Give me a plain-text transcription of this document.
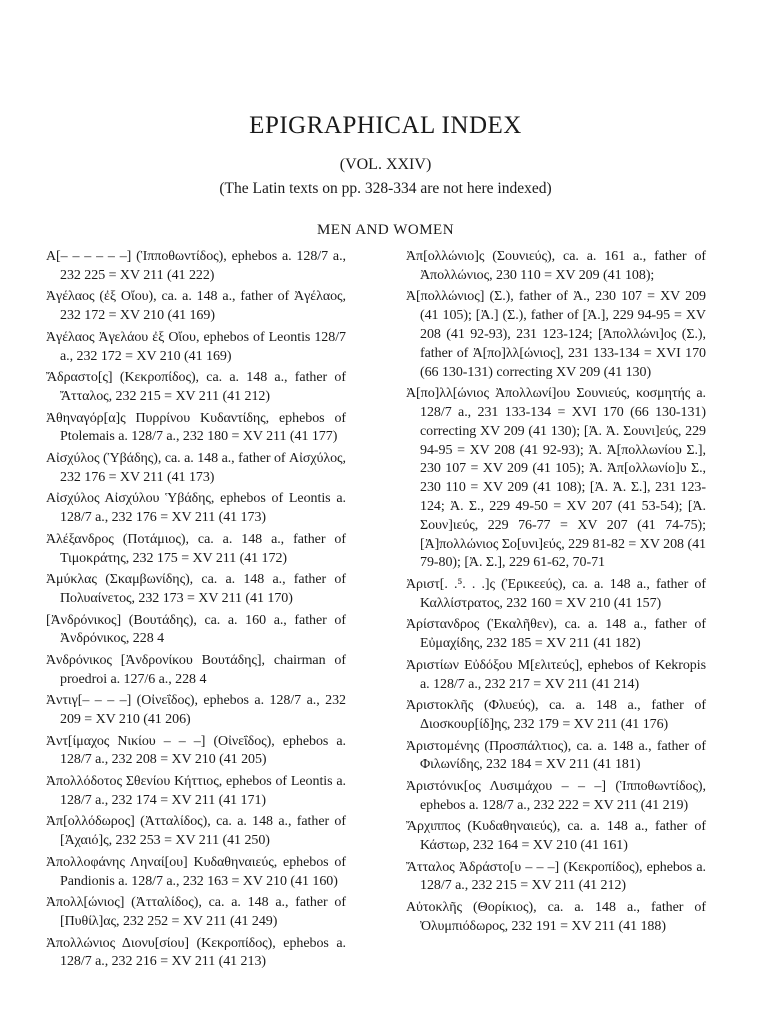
EPIGRAPHICAL INDEX
(VOL. XXIV)
(The Latin texts on pp. 328-334 are not here indexed)
MEN AND WOMEN

Α[‒ ‒ ‒ ‒ ‒ ‒] (Ἱπποθωντίδος), ephebos a. 128/7 a., 232 225 = XV 211 (41 222)

Ἀγέλαος (ἐξ Οἴου), ca. a. 148 a., father of Ἀγέλαος, 232 172 = XV 210 (41 169)

Ἀγέλαος Ἀγελάου ἐξ Οἴου, ephebos of Leontis 128/7 a., 232 172 = XV 210 (41 169)

Ἄδραστο[ς] (Κεκροπίδος), ca. a. 148 a., father of Ἄτταλος, 232 215 = XV 211 (41 212)

Ἀθηναγόρ[α]ς Πυρρίνου Κυδαντίδης, ephebos of Ptolemais a. 128/7 a., 232 180 = XV 211 (41 177)

Αἰσχύλος (Ὑβάδης), ca. a. 148 a., father of Αἰσχύλος, 232 176 = XV 211 (41 173)

Αἰσχύλος Αἰσχύλου Ὑβάδης, ephebos of Leontis a. 128/7 a., 232 176 = XV 211 (41 173)

Ἀλέξανδρος (Ποτάμιος), ca. a. 148 a., father of Τιμοκράτης, 232 175 = XV 211 (41 172)

Ἀμύκλας (Σκαμβωνίδης), ca. a. 148 a., father of Πολυαίνετος, 232 173 = XV 211 (41 170)

[Ἀνδρόνικος] (Βουτάδης), ca. a. 160 a., father of Ἀνδρόνικος, 228 4

Ἀνδρόνικος [Ἀνδρονίκου Βουτάδης], chairman of proedroi a. 127/6 a., 228 4

Ἀντιγ[‒ ‒ ‒ ‒] (Οἰνεΐδος), ephebos a. 128/7 a., 232 209 = XV 210 (41 206)

Ἀντ[ίμαχος Νικίου ‒ ‒ ‒] (Οἰνεΐδος), ephebos a. 128/7 a., 232 208 = XV 210 (41 205)

Ἀπολλόδοτος Σθενίου Κήττιος, ephebos of Leontis a. 128/7 a., 232 174 = XV 211 (41 171)

Ἀπ[ολλόδωρος] (Ἀτταλίδος), ca. a. 148 a., father of [Ἀχαιό]ς, 232 253 = XV 211 (41 250)

Ἀπολλοφάνης Ληναί[ου] Κυδαθηναιεύς, ephebos of Pandionis a. 128/7 a., 232 163 = XV 210 (41 160)

Ἀπολλ[ώνιος] (Ἀτταλίδος), ca. a. 148 a., father of [Πυθίλ]ας, 232 252 = XV 211 (41 249)

Ἀπολλώνιος Διονυ[σίου] (Κεκροπίδος), ephebos a. 128/7 a., 232 216 = XV 211 (41 213)

Ἀπ[ολλώνιο]ς (Σουνιεύς), ca. a. 161 a., father of Ἀπολλώνιος, 230 110 = XV 209 (41 108);

Ἀ[πολλώνιος] (Σ.), father of Ἀ., 230 107 = XV 209 (41 105); [Ἀ.] (Σ.), father of [Ἀ.], 229 94-95 = XV 208 (41 92-93), 231 123-124; [Ἀπολλώνι]ος (Σ.), father of Ἀ[πο]λλ[ώνιος], 231 133-134 = XVI 170 (66 130-131) correcting XV 209 (41 130)

Ἀ[πο]λλ[ώνιος Ἀπολλωνί]ου Σουνιεύς, κοσμητής a. 128/7 a., 231 133-134 = XVI 170 (66 130-131) correcting XV 209 (41 130); [Ἀ. Ἀ. Σουνι]εύς, 229 94-95 = XV 208 (41 92-93); Ἀ. Ἀ[πολλωνίου Σ.], 230 107 = XV 209 (41 105); Ἀ. Ἀπ[ολλωνίο]υ Σ., 230 110 = XV 209 (41 108); [Ἀ. Ἀ. Σ.], 231 123-124; Ἀ. Σ., 229 49-50 = XV 207 (41 53-54); [Ἀ. Σουν]ιεύς, 229 76-77 = XV 207 (41 74-75); [Ἀ]πολλώνιος Σο[υνι]εύς, 229 81-82 = XV 208 (41 79-80); [Ἀ. Σ.], 229 61-62, 70-71

Ἀριστ[. .⁵. . .]ς (Ἐρικεεύς), ca. a. 148 a., father of Καλλίστρατος, 232 160 = XV 210 (41 157)

Ἀρίστανδρος (Ἑκαλῆθεν), ca. a. 148 a., father of Εὐμαχίδης, 232 185 = XV 211 (41 182)

Ἀριστίων Εὐδόξου Μ[ελιτεύς], ephebos of Kekropis a. 128/7 a., 232 217 = XV 211 (41 214)

Ἀριστοκλῆς (Φλυεύς), ca. a. 148 a., father of Διοσκουρ[ίδ]ης, 232 179 = XV 211 (41 176)

Ἀριστομένης (Προσπάλτιος), ca. a. 148 a., father of Φιλωνίδης, 232 184 = XV 211 (41 181)

Ἀριστόνικ[ος Λυσιμάχου ‒ ‒ ‒] (Ἱπποθωντίδος), ephebos a. 128/7 a., 232 222 = XV 211 (41 219)

Ἄρχιππος (Κυδαθηναιεύς), ca. a. 148 a., father of Κάστωρ, 232 164 = XV 210 (41 161)

Ἄτταλος Ἀδράστο[υ ‒ ‒ ‒] (Κεκροπίδος), ephebos a. 128/7 a., 232 215 = XV 211 (41 212)

Αὐτοκλῆς (Θορίκιος), ca. a. 148 a., father of Ὀλυμπιόδωρος, 232 191 = XV 211 (41 188)
